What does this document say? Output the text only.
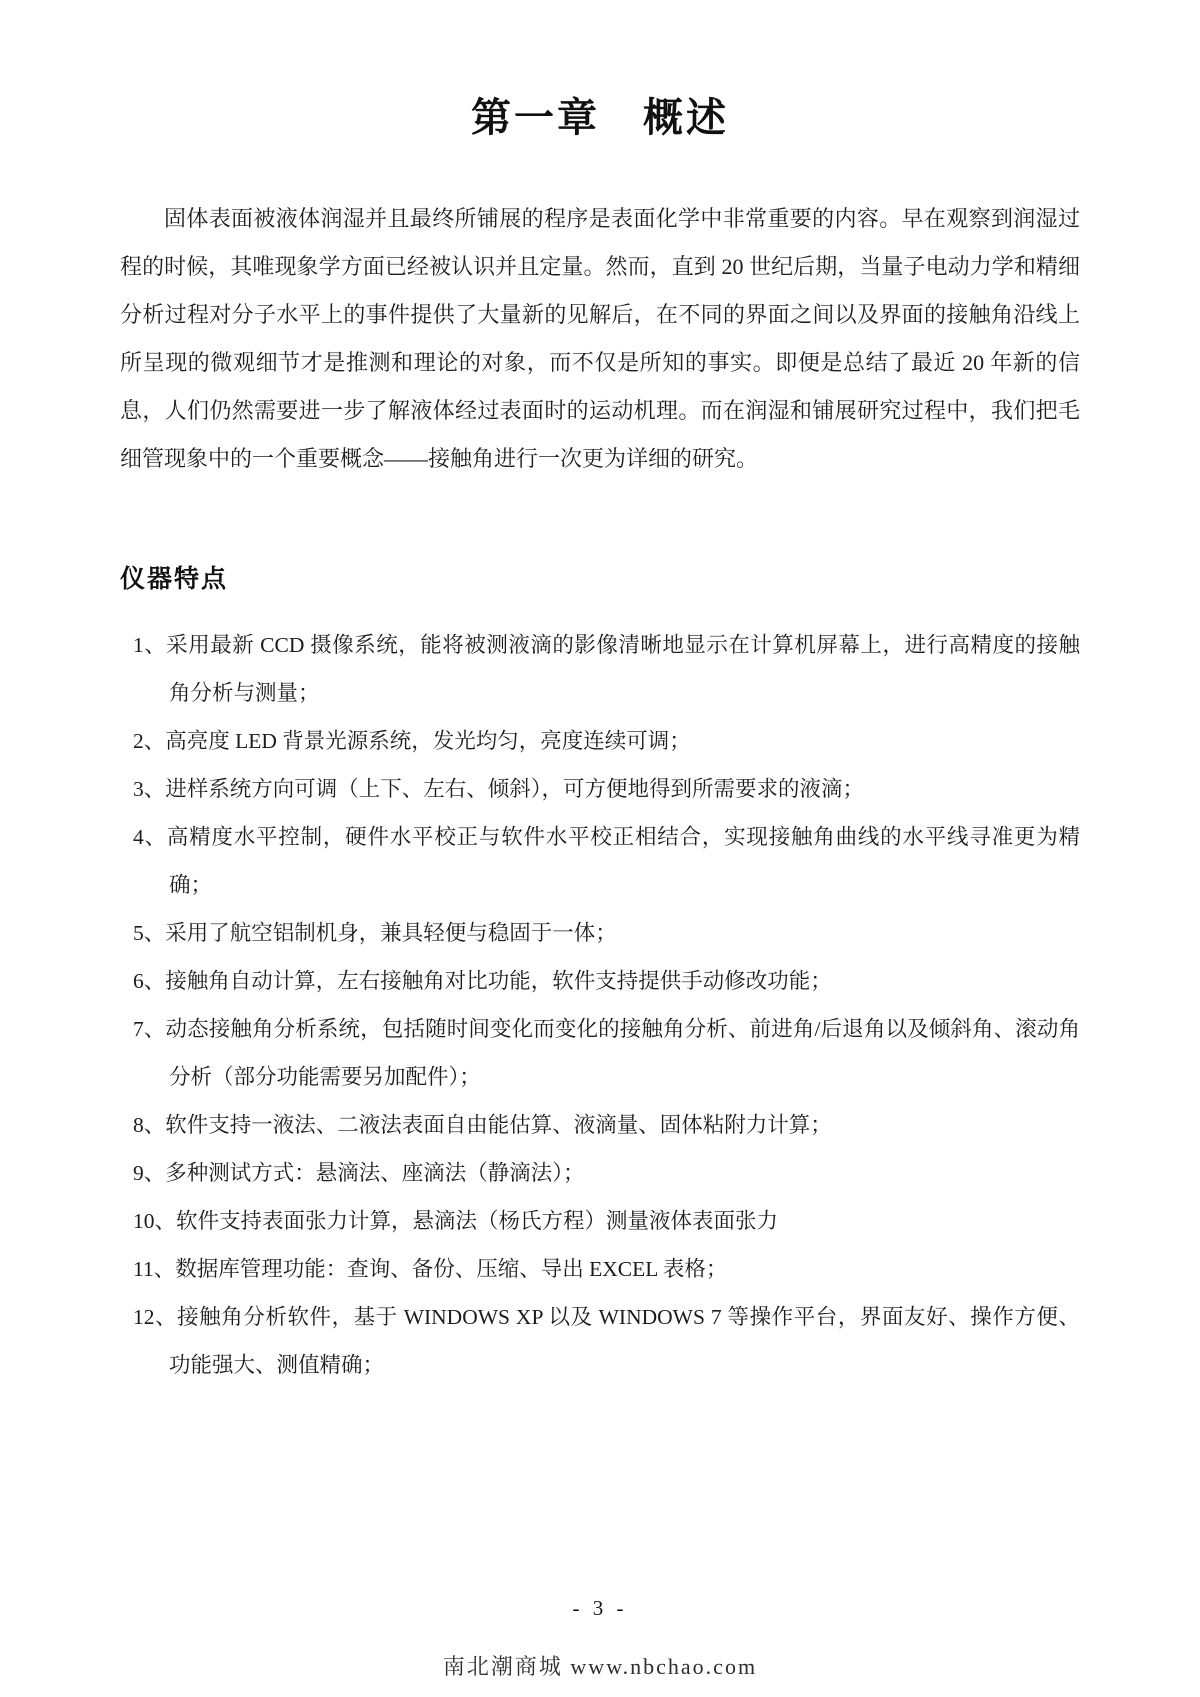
第一章　概述

固体表面被液体润湿并且最终所铺展的程序是表面化学中非常重要的内容。早在观察到润湿过程的时候，其唯现象学方面已经被认识并且定量。然而，直到 20 世纪后期，当量子电动力学和精细分析过程对分子水平上的事件提供了大量新的见解后，在不同的界面之间以及界面的接触角沿线上所呈现的微观细节才是推测和理论的对象，而不仅是所知的事实。即便是总结了最近 20 年新的信息，人们仍然需要进一步了解液体经过表面时的运动机理。而在润湿和铺展研究过程中，我们把毛细管现象中的一个重要概念——接触角进行一次更为详细的研究。

仪器特点
1、采用最新 CCD 摄像系统，能将被测液滴的影像清晰地显示在计算机屏幕上，进行高精度的接触角分析与测量；
2、高亮度 LED 背景光源系统，发光均匀，亮度连续可调；
3、进样系统方向可调（上下、左右、倾斜），可方便地得到所需要求的液滴；
4、高精度水平控制，硬件水平校正与软件水平校正相结合，实现接触角曲线的水平线寻准更为精确；
5、采用了航空铝制机身，兼具轻便与稳固于一体；
6、接触角自动计算，左右接触角对比功能，软件支持提供手动修改功能；
7、动态接触角分析系统，包括随时间变化而变化的接触角分析、前进角/后退角以及倾斜角、滚动角分析（部分功能需要另加配件）；
8、软件支持一液法、二液法表面自由能估算、液滴量、固体粘附力计算；
9、多种测试方式：悬滴法、座滴法（静滴法）；
10、软件支持表面张力计算，悬滴法（杨氏方程）测量液体表面张力
11、数据库管理功能：查询、备份、压缩、导出 EXCEL 表格；
12、接触角分析软件，基于 WINDOWS XP 以及 WINDOWS 7 等操作平台，界面友好、操作方便、功能强大、测值精确；
- 3 -
南北潮商城 www.nbchao.com
